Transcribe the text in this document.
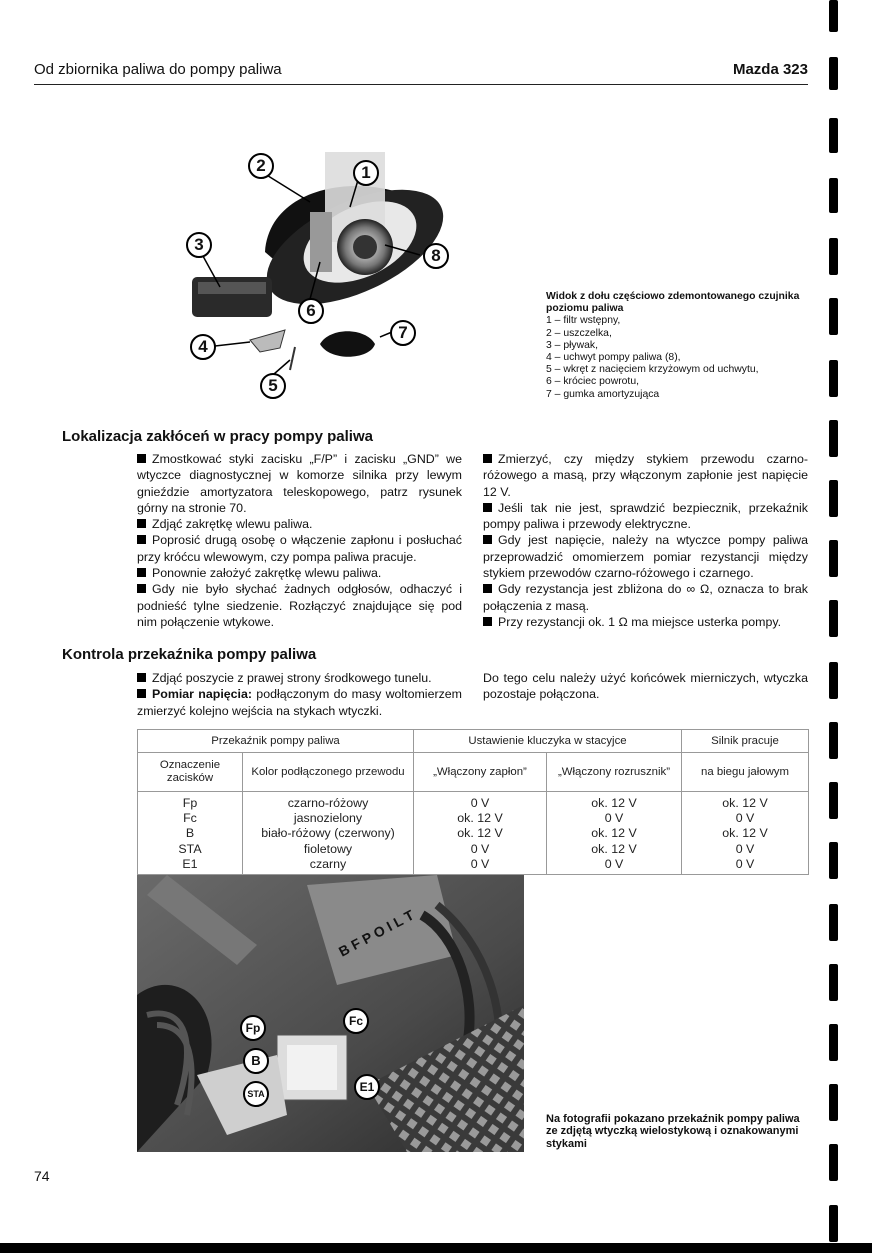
Od zbiornika paliwa do pompy paliwa	Mazda 323
1
2
3
4
5
6
7
8
Widok z dołu częściowo zdemontowanego czujnika poziomu paliwa
1 – filtr wstępny,
2 – uszczelka,
3 – pływak,
4 – uchwyt pompy paliwa (8),
5 – wkręt z nacięciem krzyżowym od uchwytu,
6 – króciec powrotu,
7 – gumka amortyzująca
Lokalizacja zakłóceń w pracy pompy paliwa

Zmostkować styki zacisku „F/P” i zacisku „GND” we wtyczce diagnostycznej w komorze silnika przy lewym gnieździe amortyzatora teleskopowego, patrz rysunek górny na stronie 70.

Zdjąć zakrętkę wlewu paliwa.

Poprosić drugą osobę o włączenie zapłonu i posłuchać przy króćcu wlewowym, czy pompa paliwa pracuje.

Ponownie założyć zakrętkę wlewu paliwa.

Gdy nie było słychać żadnych odgłosów, odhaczyć i podnieść tylne siedzenie. Rozłączyć znajdujące się pod nim połączenie wtykowe.

Zmierzyć, czy między stykiem przewodu czarno-różowego a masą, przy włączonym zapłonie jest napięcie 12 V.

Jeśli tak nie jest, sprawdzić bezpiecznik, przekaźnik pompy paliwa i przewody elektryczne.

Gdy jest napięcie, należy na wtyczce pompy paliwa przeprowadzić omomierzem pomiar rezystancji między stykiem przewodów czarno-różowego i czarnego.

Gdy rezystancja jest zbliżona do ∞ Ω, oznacza to brak połączenia z masą.

Przy rezystancji ok. 1 Ω ma miejsce usterka pompy.

Kontrola przekaźnika pompy paliwa

Zdjąć poszycie z prawej strony środkowego tunelu.

Pomiar napięcia: podłączonym do masy woltomierzem zmierzyć kolejno wejścia na stykach wtyczki.

Do tego celu należy użyć końcówek mierniczych, wtyczka pozostaje połączona.

Przekaźnik pompy paliwa		Ustawienie kluczyka w stacyjce		Silnik pracuje
Oznaczenie zacisków	Kolor podłączonego przewodu	„Włączony zapłon”	„Włączony rozrusznik”	na biegu jałowym
Fp	czarno-różowy	0 V	ok. 12 V	ok. 12 V
Fc	jasnozielony	ok. 12 V	0 V	0 V
B	biało-różowy (czerwony)	ok. 12 V	ok. 12 V	ok. 12 V
STA	fioletowy	0 V	ok. 12 V	0 V
E1	czarny	0 V	0 V	0 V
B F P O I L T
Fp	Fc
B
STA	E1
Na fotografii pokazano przekaźnik pompy paliwa ze zdjętą wtyczką wielostykową i oznakowanymi stykami
74
